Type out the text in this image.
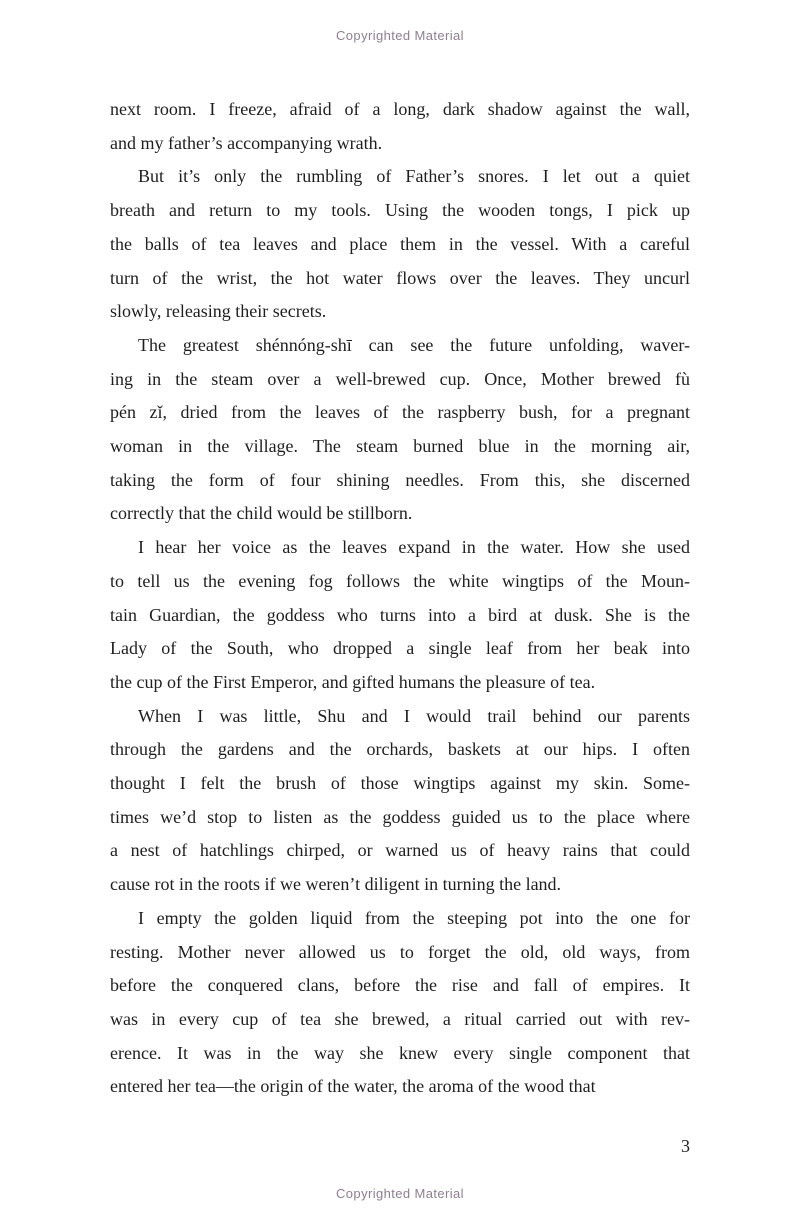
Copyrighted Material

next room. I freeze, afraid of a long, dark shadow against the wall,
and my father’s accompanying wrath.

But it’s only the rumbling of Father’s snores. I let out a quiet
breath and return to my tools. Using the wooden tongs, I pick up
the balls of tea leaves and place them in the vessel. With a careful
turn of the wrist, the hot water flows over the leaves. They uncurl
slowly, releasing their secrets.

The greatest shénnóng-shī can see the future unfolding, waver-
ing in the steam over a well-brewed cup. Once, Mother brewed fù
pén zǐ, dried from the leaves of the raspberry bush, for a pregnant
woman in the village. The steam burned blue in the morning air,
taking the form of four shining needles. From this, she discerned
correctly that the child would be stillborn.

I hear her voice as the leaves expand in the water. How she used
to tell us the evening fog follows the white wingtips of the Moun-
tain Guardian, the goddess who turns into a bird at dusk. She is the
Lady of the South, who dropped a single leaf from her beak into
the cup of the First Emperor, and gifted humans the pleasure of tea.

When I was little, Shu and I would trail behind our parents
through the gardens and the orchards, baskets at our hips. I often
thought I felt the brush of those wingtips against my skin. Some-
times we’d stop to listen as the goddess guided us to the place where
a nest of hatchlings chirped, or warned us of heavy rains that could
cause rot in the roots if we weren’t diligent in turning the land.

I empty the golden liquid from the steeping pot into the one for
resting. Mother never allowed us to forget the old, old ways, from
before the conquered clans, before the rise and fall of empires. It
was in every cup of tea she brewed, a ritual carried out with rev-
erence. It was in the way she knew every single component that
entered her tea—the origin of the water, the aroma of the wood that

3
Copyrighted Material
